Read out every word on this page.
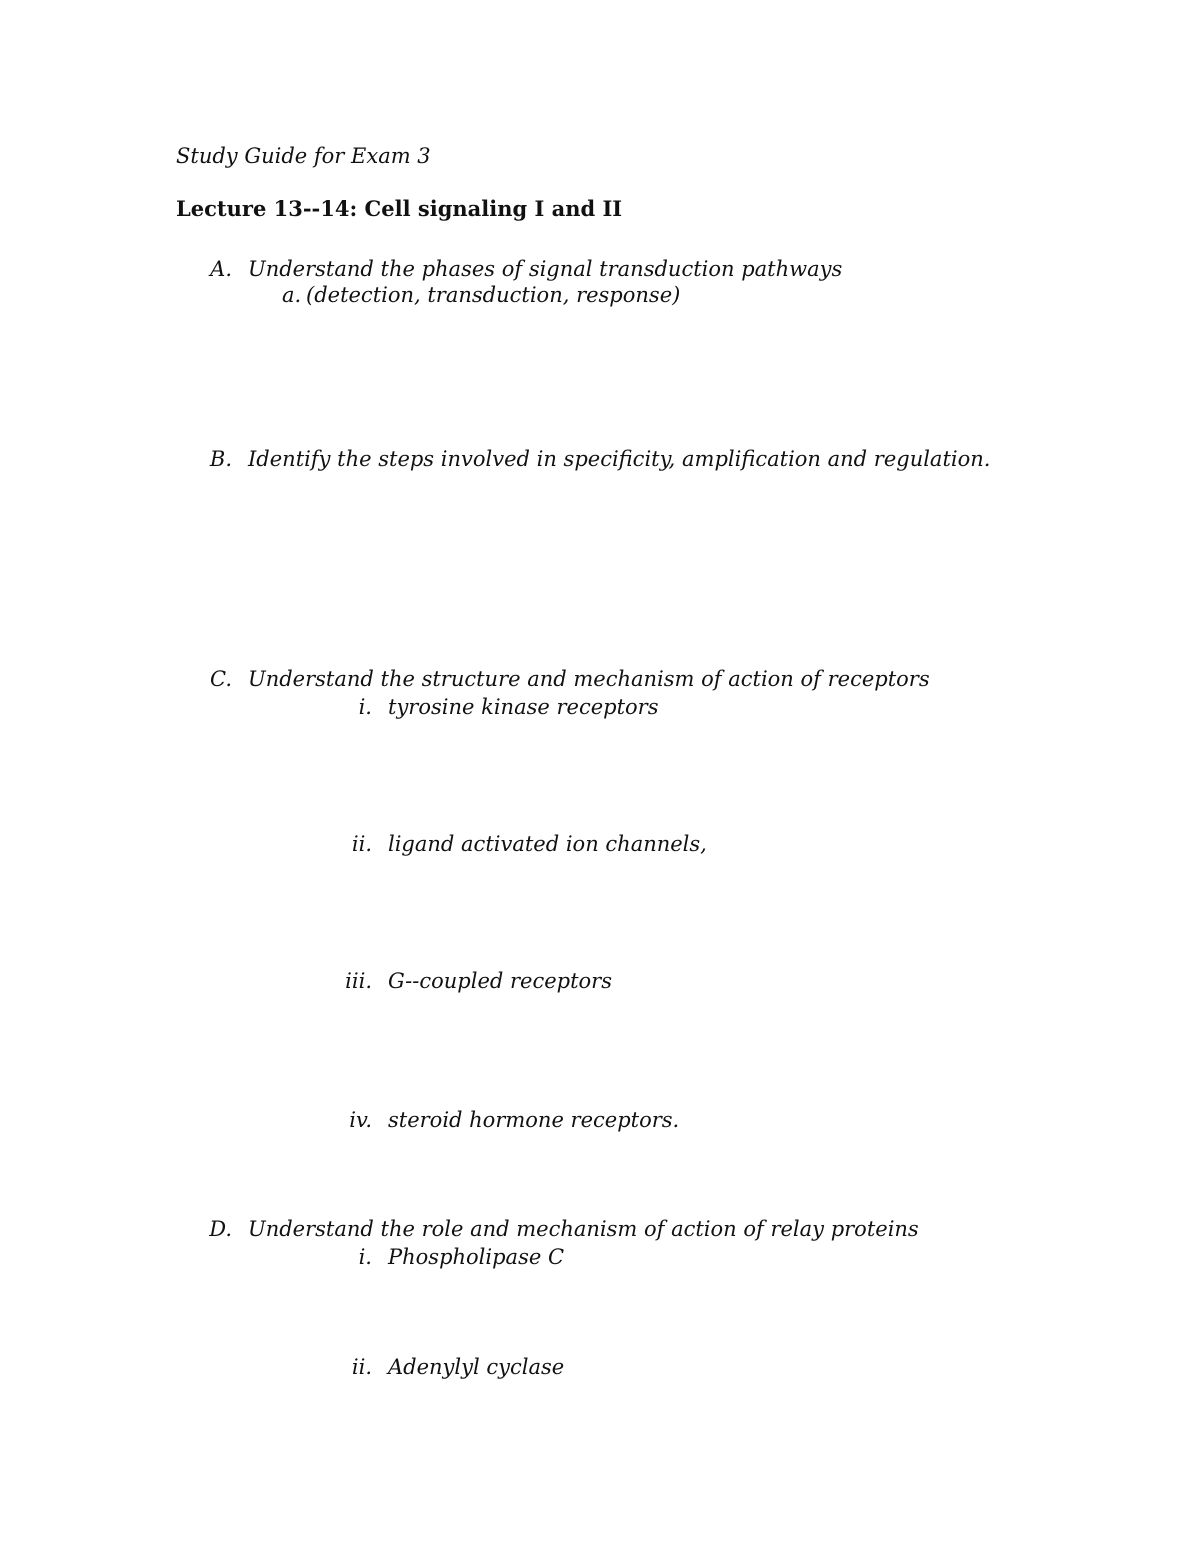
Study Guide for Exam 3
Lecture 13--14: Cell signaling I and II
A. Understand the phases of signal transduction pathways
a. (detection, transduction, response)
B. Identify the steps involved in specificity, amplification and regulation.
C. Understand the structure and mechanism of action of receptors
i. tyrosine kinase receptors
ii. ligand activated ion channels,
iii. G--coupled receptors
iv. steroid hormone receptors.
D. Understand the role and mechanism of action of relay proteins
i. Phospholipase C
ii. Adenylyl cyclase
